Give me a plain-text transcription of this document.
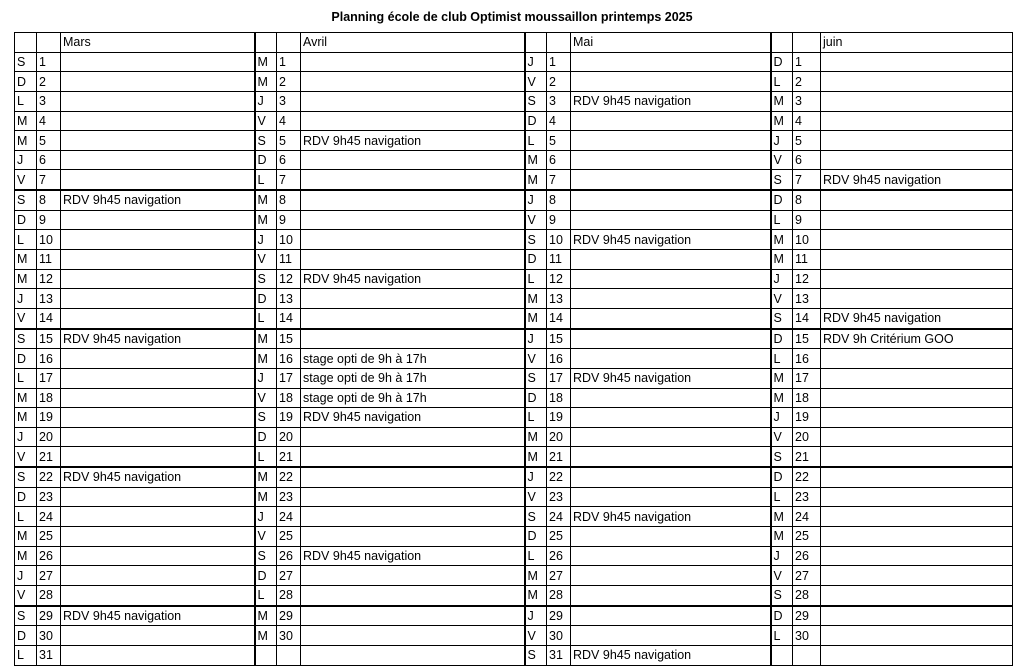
Planning école de club Optimist moussaillon printemps 2025
		Mars			Avril			Mai			juin
S	1		M	1		J	1		D	1	
D	2		M	2		V	2		L	2	
L	3		J	3		S	3	RDV 9h45 navigation	M	3	
M	4		V	4		D	4		M	4	
M	5		S	5	RDV 9h45 navigation	L	5		J	5	
J	6		D	6		M	6		V	6	
V	7		L	7		M	7		S	7	RDV 9h45 navigation
S	8	RDV 9h45 navigation	M	8		J	8		D	8	
D	9		M	9		V	9		L	9	
L	10		J	10		S	10	RDV 9h45 navigation	M	10	
M	11		V	11		D	11		M	11	
M	12		S	12	RDV 9h45 navigation	L	12		J	12	
J	13		D	13		M	13		V	13	
V	14		L	14		M	14		S	14	RDV 9h45 navigation
S	15	RDV 9h45 navigation	M	15		J	15		D	15	RDV 9h Critérium GOO
D	16		M	16	stage opti de 9h à 17h	V	16		L	16	
L	17		J	17	stage opti de 9h à 17h	S	17	RDV 9h45 navigation	M	17	
M	18		V	18	stage opti de 9h à 17h	D	18		M	18	
M	19		S	19	RDV 9h45 navigation	L	19		J	19	
J	20		D	20		M	20		V	20	
V	21		L	21		M	21		S	21	
S	22	RDV 9h45 navigation	M	22		J	22		D	22	
D	23		M	23		V	23		L	23	
L	24		J	24		S	24	RDV 9h45 navigation	M	24	
M	25		V	25		D	25		M	25	
M	26		S	26	RDV 9h45 navigation	L	26		J	26	
J	27		D	27		M	27		V	27	
V	28		L	28		M	28		S	28	
S	29	RDV 9h45 navigation	M	29		J	29		D	29	
D	30		M	30		V	30		L	30	
L	31					S	31	RDV 9h45 navigation			
